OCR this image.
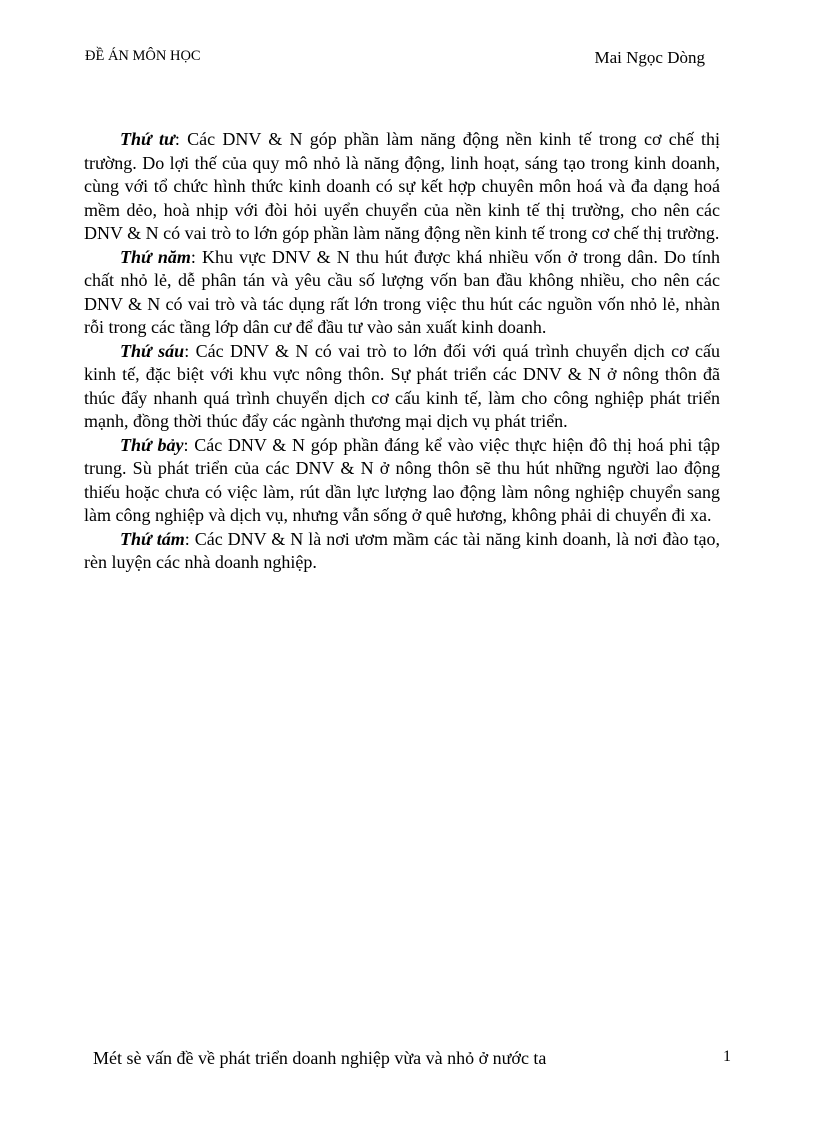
ĐỀ ÁN MÔN HỌC	Mai Ngọc Dòng

Thứ tư: Các DNV & N góp phần làm năng động nền kinh tế trong cơ chế thị trường. Do lợi thế của quy mô nhỏ là năng động, linh hoạt, sáng tạo trong kinh doanh, cùng với tổ chức hình thức kinh doanh có sự kết hợp chuyên môn hoá và đa dạng hoá mềm dẻo, hoà nhịp với đòi hỏi uyển chuyển của nền kinh tế thị trường, cho nên các DNV & N có vai trò to lớn góp phần làm năng động nền kinh tế trong cơ chế thị trường.

Thứ năm: Khu vực DNV & N thu hút được khá nhiều vốn ở trong dân. Do tính chất nhỏ lẻ, dễ phân tán và yêu cầu số lượng vốn ban đầu không nhiều, cho nên các DNV & N có vai trò và tác dụng rất lớn trong việc thu hút các nguồn vốn nhỏ lẻ, nhàn rỗi trong các tầng lớp dân cư để đầu tư vào sản xuất kinh doanh.

Thứ sáu: Các DNV & N có vai trò to lớn đối với quá trình chuyển dịch cơ cấu kinh tế, đặc biệt với khu vực nông thôn. Sự phát triển các DNV & N ở nông thôn đã thúc đẩy nhanh quá trình chuyển dịch cơ cấu kinh tế, làm cho công nghiệp phát triển mạnh, đồng thời thúc đẩy các ngành thương mại dịch vụ phát triển.

Thứ bảy: Các DNV & N góp phần đáng kể vào việc thực hiện đô thị hoá phi tập trung. Sù phát triển của các DNV & N ở nông thôn sẽ thu hút những người lao động thiếu hoặc chưa có việc làm, rút dần lực lượng lao động làm nông nghiệp chuyển sang làm công nghiệp và dịch vụ, nhưng vẫn sống ở quê hương, không phải di chuyển đi xa.

Thứ tám: Các DNV & N là nơi ươm mầm các tài năng kinh doanh, là nơi đào tạo, rèn luyện các nhà doanh nghiệp.

Mét sè vấn đề về phát triển doanh nghiệp vừa và nhỏ ở nước ta	1
